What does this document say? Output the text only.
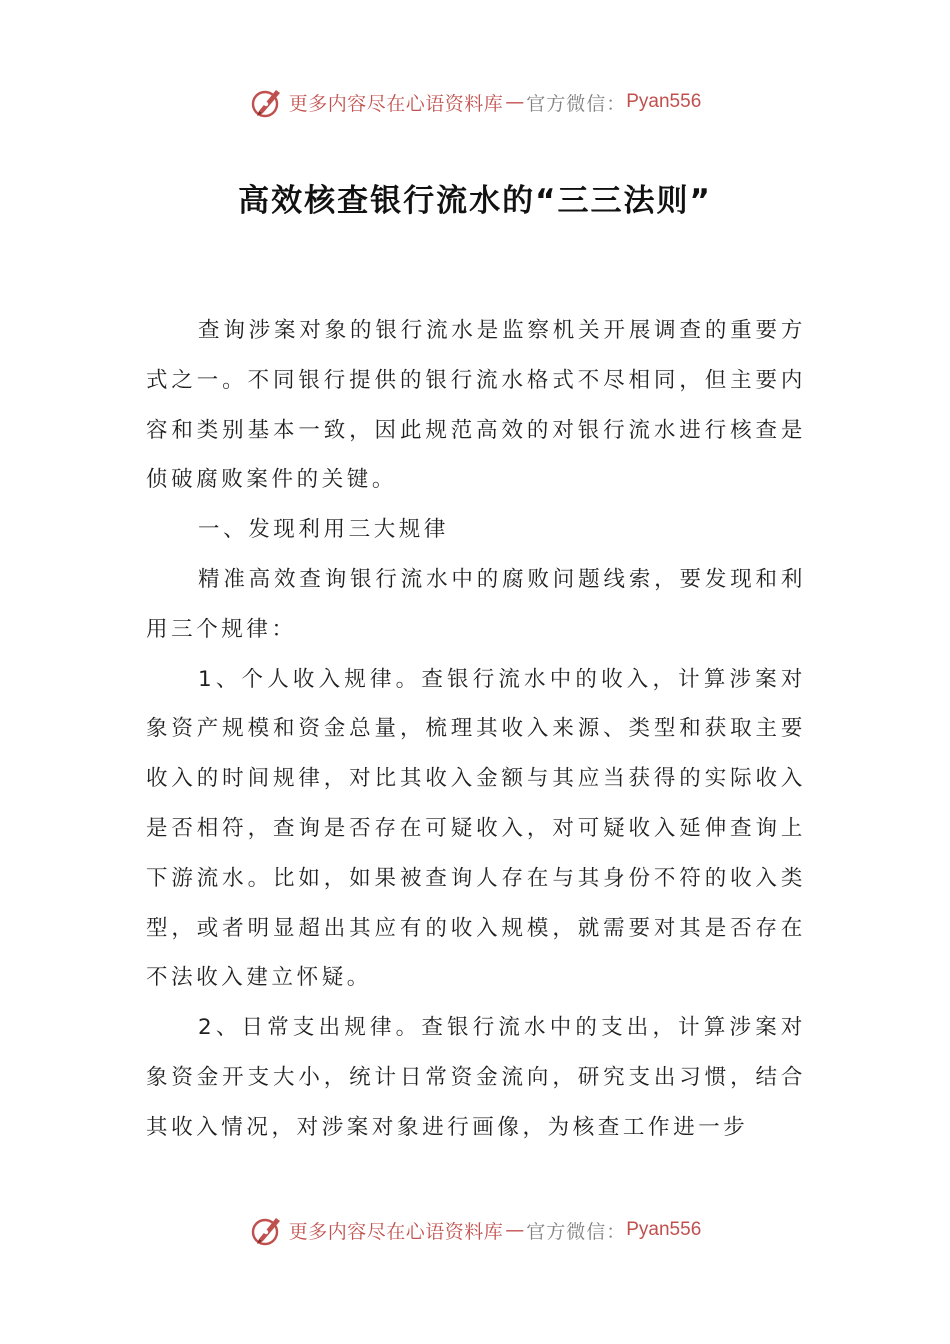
更多内容尽在心语资料库 — 官方微信： Pyan556
高效核查银行流水的“三三法则”

查询涉案对象的银行流水是监察机关开展调查的重要方式之一。不同银行提供的银行流水格式不尽相同，但主要内容和类别基本一致，因此规范高效的对银行流水进行核查是侦破腐败案件的关键。

一、发现利用三大规律

精准高效查询银行流水中的腐败问题线索，要发现和利用三个规律：

1、个人收入规律。查银行流水中的收入，计算涉案对象资产规模和资金总量，梳理其收入来源、类型和获取主要收入的时间规律，对比其收入金额与其应当获得的实际收入是否相符，查询是否存在可疑收入，对可疑收入延伸查询上下游流水。比如，如果被查询人存在与其身份不符的收入类型，或者明显超出其应有的收入规模，就需要对其是否存在不法收入建立怀疑。

2、日常支出规律。查银行流水中的支出，计算涉案对象资金开支大小，统计日常资金流向，研究支出习惯，结合其收入情况，对涉案对象进行画像，为核查工作进一步

更多内容尽在心语资料库 — 官方微信： Pyan556
